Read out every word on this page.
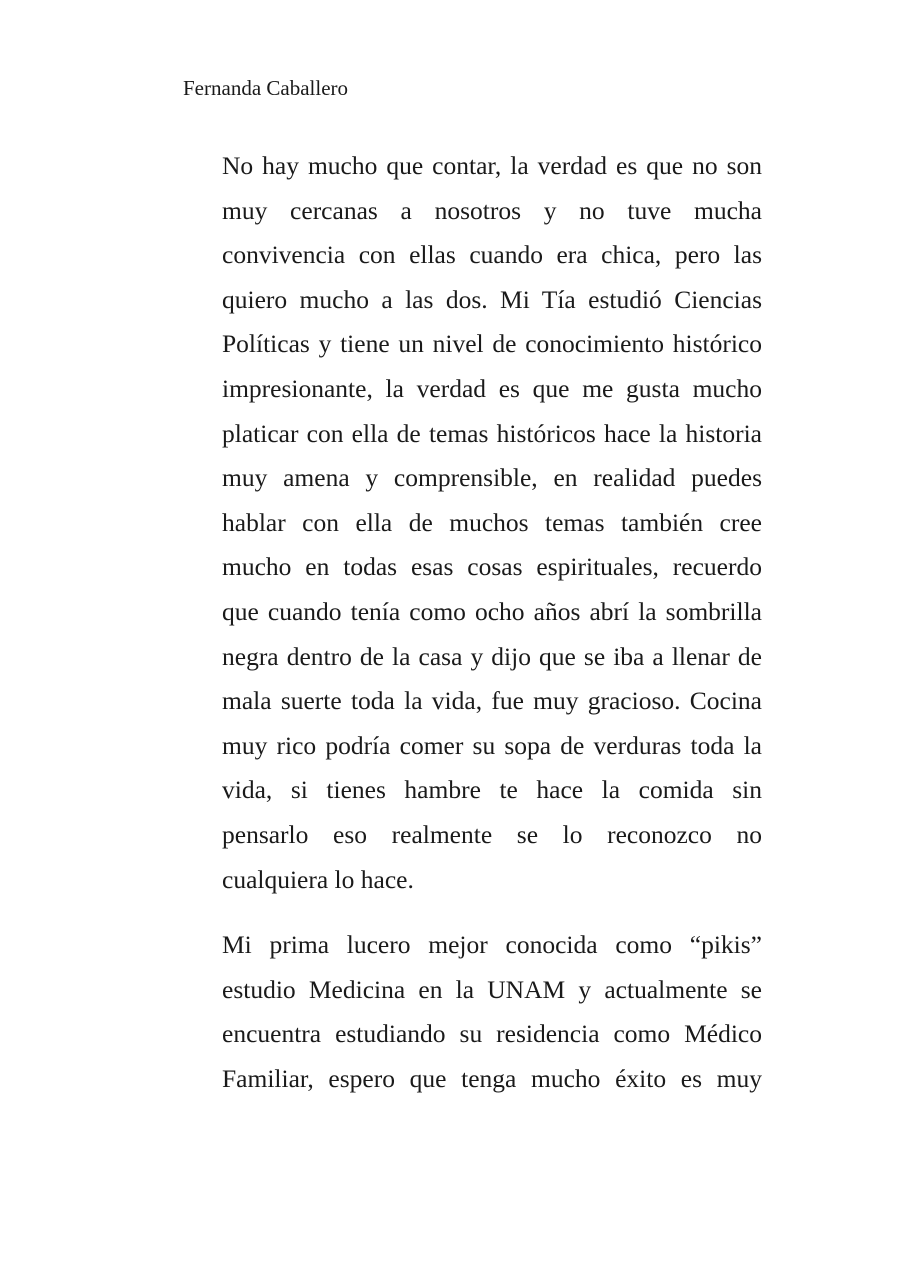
Fernanda Caballero
No hay mucho que contar, la verdad es que no son
muy cercanas a nosotros y no tuve mucha
convivencia con ellas cuando era chica, pero las
quiero mucho a las dos. Mi Tía estudió Ciencias
Políticas y tiene un nivel de conocimiento histórico
impresionante, la verdad es que me gusta mucho
platicar con ella de temas históricos hace la historia
muy amena y comprensible, en realidad puedes
hablar con ella de muchos temas también cree
mucho en todas esas cosas espirituales, recuerdo
que cuando tenía como ocho años abrí la sombrilla
negra dentro de la casa y dijo que se iba a llenar de
mala suerte toda la vida, fue muy gracioso. Cocina
muy rico podría comer su sopa de verduras toda la
vida, si tienes hambre te hace la comida sin
pensarlo eso realmente se lo reconozco no
cualquiera lo hace.
Mi prima lucero mejor conocida como “pikis”
estudio Medicina en la UNAM y actualmente se
encuentra estudiando su residencia como Médico
Familiar, espero que tenga mucho éxito es muy
